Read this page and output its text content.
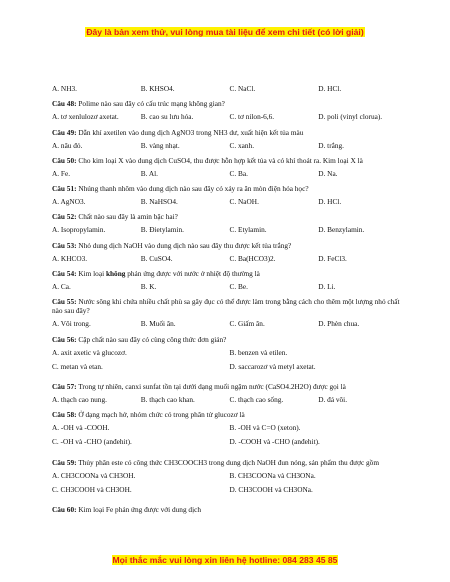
Đây là bản xem thử, vui lòng mua tài liệu để xem chi tiết (có lời giải)
A. NH3.	B. KHSO4.	C. NaCl.	D. HCl.
Câu 48: Polime nào sau đây có cấu trúc mạng không gian?
A. tơ xenlulozơ axetat.	B. cao su lưu hóa.	C. tơ nilon-6,6.	D. poli (vinyl clorua).
Câu 49: Dẫn khí axetilen vào dung dịch AgNO3 trong NH3 dư, xuất hiện kết tủa màu
A. nâu đỏ.	B. vàng nhạt.	C. xanh.	D. trắng.
Câu 50: Cho kim loại X vào dung dịch CuSO4, thu được hỗn hợp kết tủa và có khí thoát ra. Kim loại X là
A. Fe.	B. Al.	C. Ba.	D. Na.
Câu 51: Nhúng thanh nhôm vào dung dịch nào sau đây có xảy ra ăn mòn điện hóa học?
A. AgNO3.	B. NaHSO4.	C. NaOH.	D. HCl.
Câu 52: Chất nào sau đây là amin bậc hai?
A. Isopropylamin.	B. Đietylamin.	C. Etylamin.	D. Benzylamin.
Câu 53: Nhỏ dung dịch NaOH vào dung dịch nào sau đây thu được kết tủa trắng?
A. KHCO3.	B. CuSO4.	C. Ba(HCO3)2.	D. FeCl3.
Câu 54: Kim loại không phản ứng được với nước ở nhiệt độ thường là
A. Ca.	B. K.	C. Be.	D. Li.
Câu 55: Nước sông khi chứa nhiều chất phù sa gây đục có thể được làm trong bằng cách cho thêm một lượng nhỏ chất nào sau đây?
A. Vôi trong.	B. Muối ăn.	C. Giấm ăn.	D. Phèn chua.
Câu 56: Cặp chất nào sau đây có cùng công thức đơn giản?
A. axit axetic và glucozơ.	B. benzen và etilen.
C. metan và etan.	D. saccarozơ và metyl axetat.
Câu 57: Trong tự nhiên, canxi sunfat tồn tại dưới dạng muối ngậm nước (CaSO4.2H2O) được gọi là
A. thạch cao nung.	B. thạch cao khan.	C. thạch cao sống.	D. đá vôi.
Câu 58: Ở dạng mạch hở, nhóm chức có trong phân tử glucozơ là
A. -OH và -COOH.	B. -OH và C=O (xeton).
C. -OH và -CHO (anđehit).	D. -COOH và -CHO (anđehit).
Câu 59: Thủy phân este có công thức CH3COOCH3 trong dung dịch NaOH đun nóng, sản phẩm thu được gồm
A. CH3COONa và CH3OH.	B. CH3COONa và CH3ONa.
C. CH3COOH và CH3OH.	D. CH3COOH và CH3ONa.
Câu 60: Kim loại Fe phản ứng được với dung dịch
Mọi thắc mắc vui lòng xin liên hệ hotline: 084 283 45 85
